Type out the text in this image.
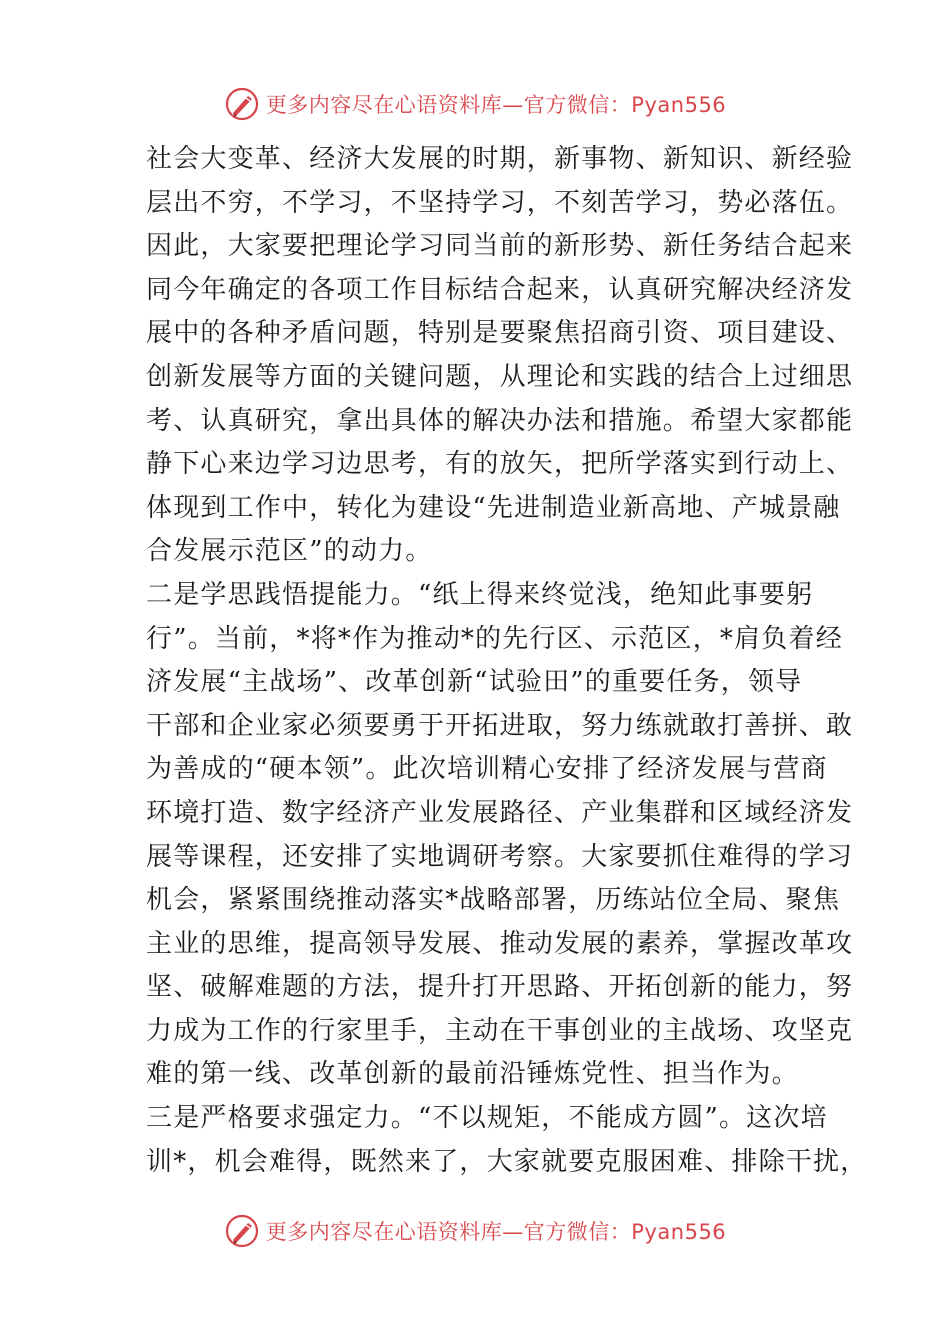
更多内容尽在心语资料库—官方微信：Pyan556
社会大变革、经济大发展的时期，新事物、新知识、新经验
层出不穷，不学习，不坚持学习，不刻苦学习，势必落伍。
因此，大家要把理论学习同当前的新形势、新任务结合起来
同今年确定的各项工作目标结合起来，认真研究解决经济发
展中的各种矛盾问题，特别是要聚焦招商引资、项目建设、
创新发展等方面的关键问题，从理论和实践的结合上过细思
考、认真研究，拿出具体的解决办法和措施。希望大家都能
静下心来边学习边思考，有的放矢，把所学落实到行动上、
体现到工作中，转化为建设“先进制造业新高地、产城景融
合发展示范区”的动力。
二是学思践悟提能力。“纸上得来终觉浅，绝知此事要躬
行”。当前，*将*作为推动*的先行区、示范区，*肩负着经
济发展“主战场”、改革创新“试验田”的重要任务，领导
干部和企业家必须要勇于开拓进取，努力练就敢打善拼、敢
为善成的“硬本领”。此次培训精心安排了经济发展与营商
环境打造、数字经济产业发展路径、产业集群和区域经济发
展等课程，还安排了实地调研考察。大家要抓住难得的学习
机会，紧紧围绕推动落实*战略部署，历练站位全局、聚焦
主业的思维，提高领导发展、推动发展的素养，掌握改革攻
坚、破解难题的方法，提升打开思路、开拓创新的能力，努
力成为工作的行家里手，主动在干事创业的主战场、攻坚克
难的第一线、改革创新的最前沿锤炼党性、担当作为。
三是严格要求强定力。“不以规矩，不能成方圆”。这次培
训*，机会难得，既然来了，大家就要克服困难、排除干扰，
更多内容尽在心语资料库—官方微信：Pyan556
